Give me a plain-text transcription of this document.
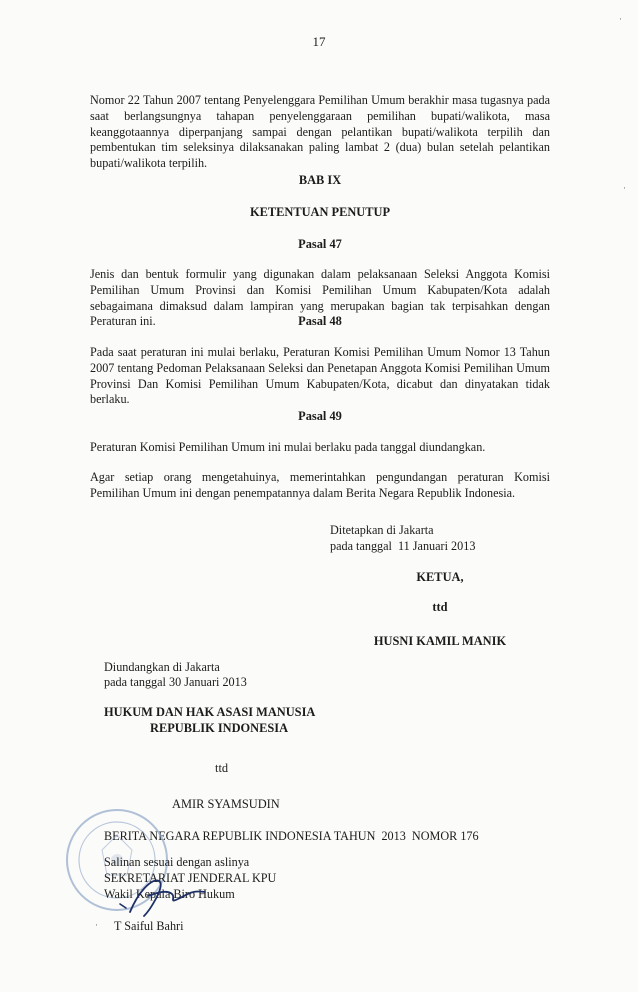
17
Nomor 22 Tahun 2007 tentang Penyelenggara Pemilihan Umum berakhir masa tugasnya pada saat berlangsungnya tahapan penyelenggaraan pemilihan bupati/walikota, masa keanggotaannya diperpanjang sampai dengan pelantikan bupati/walikota terpilih dan pembentukan tim seleksinya dilaksanakan paling lambat 2 (dua) bulan setelah pelantikan bupati/walikota terpilih.
BAB IX
KETENTUAN PENUTUP
Pasal 47
Jenis dan bentuk formulir yang digunakan dalam pelaksanaan Seleksi Anggota Komisi Pemilihan Umum Provinsi dan Komisi Pemilihan Umum Kabupaten/Kota adalah sebagaimana dimaksud dalam lampiran yang merupakan bagian tak terpisahkan dengan Peraturan ini.	Pasal 48
Pada saat peraturan ini mulai berlaku, Peraturan Komisi Pemilihan Umum Nomor 13 Tahun 2007 tentang Pedoman Pelaksanaan Seleksi dan Penetapan Anggota Komisi Pemilihan Umum Provinsi Dan Komisi Pemilihan Umum Kabupaten/Kota, dicabut dan dinyatakan tidak berlaku.
Pasal 49
Peraturan Komisi Pemilihan Umum ini mulai berlaku pada tanggal diundangkan.
Agar setiap orang mengetahuinya, memerintahkan pengundangan peraturan Komisi Pemilihan Umum ini dengan penempatannya dalam Berita Negara Republik Indonesia.
Ditetapkan di Jakarta
pada tanggal  11 Januari 2013
KETUA,
ttd
HUSNI KAMIL MANIK
Diundangkan di Jakarta
pada tanggal 30 Januari 2013
HUKUM DAN HAK ASASI MANUSIA
REPUBLIK INDONESIA
ttd
AMIR SYAMSUDIN
BERITA NEGARA REPUBLIK INDONESIA TAHUN  2013  NOMOR 176
Salinan sesuai dengan aslinya
SEKRETARIAT JENDERAL KPU
Wakil Kepala Biro Hukum
T Saiful Bahri
·
·
·
